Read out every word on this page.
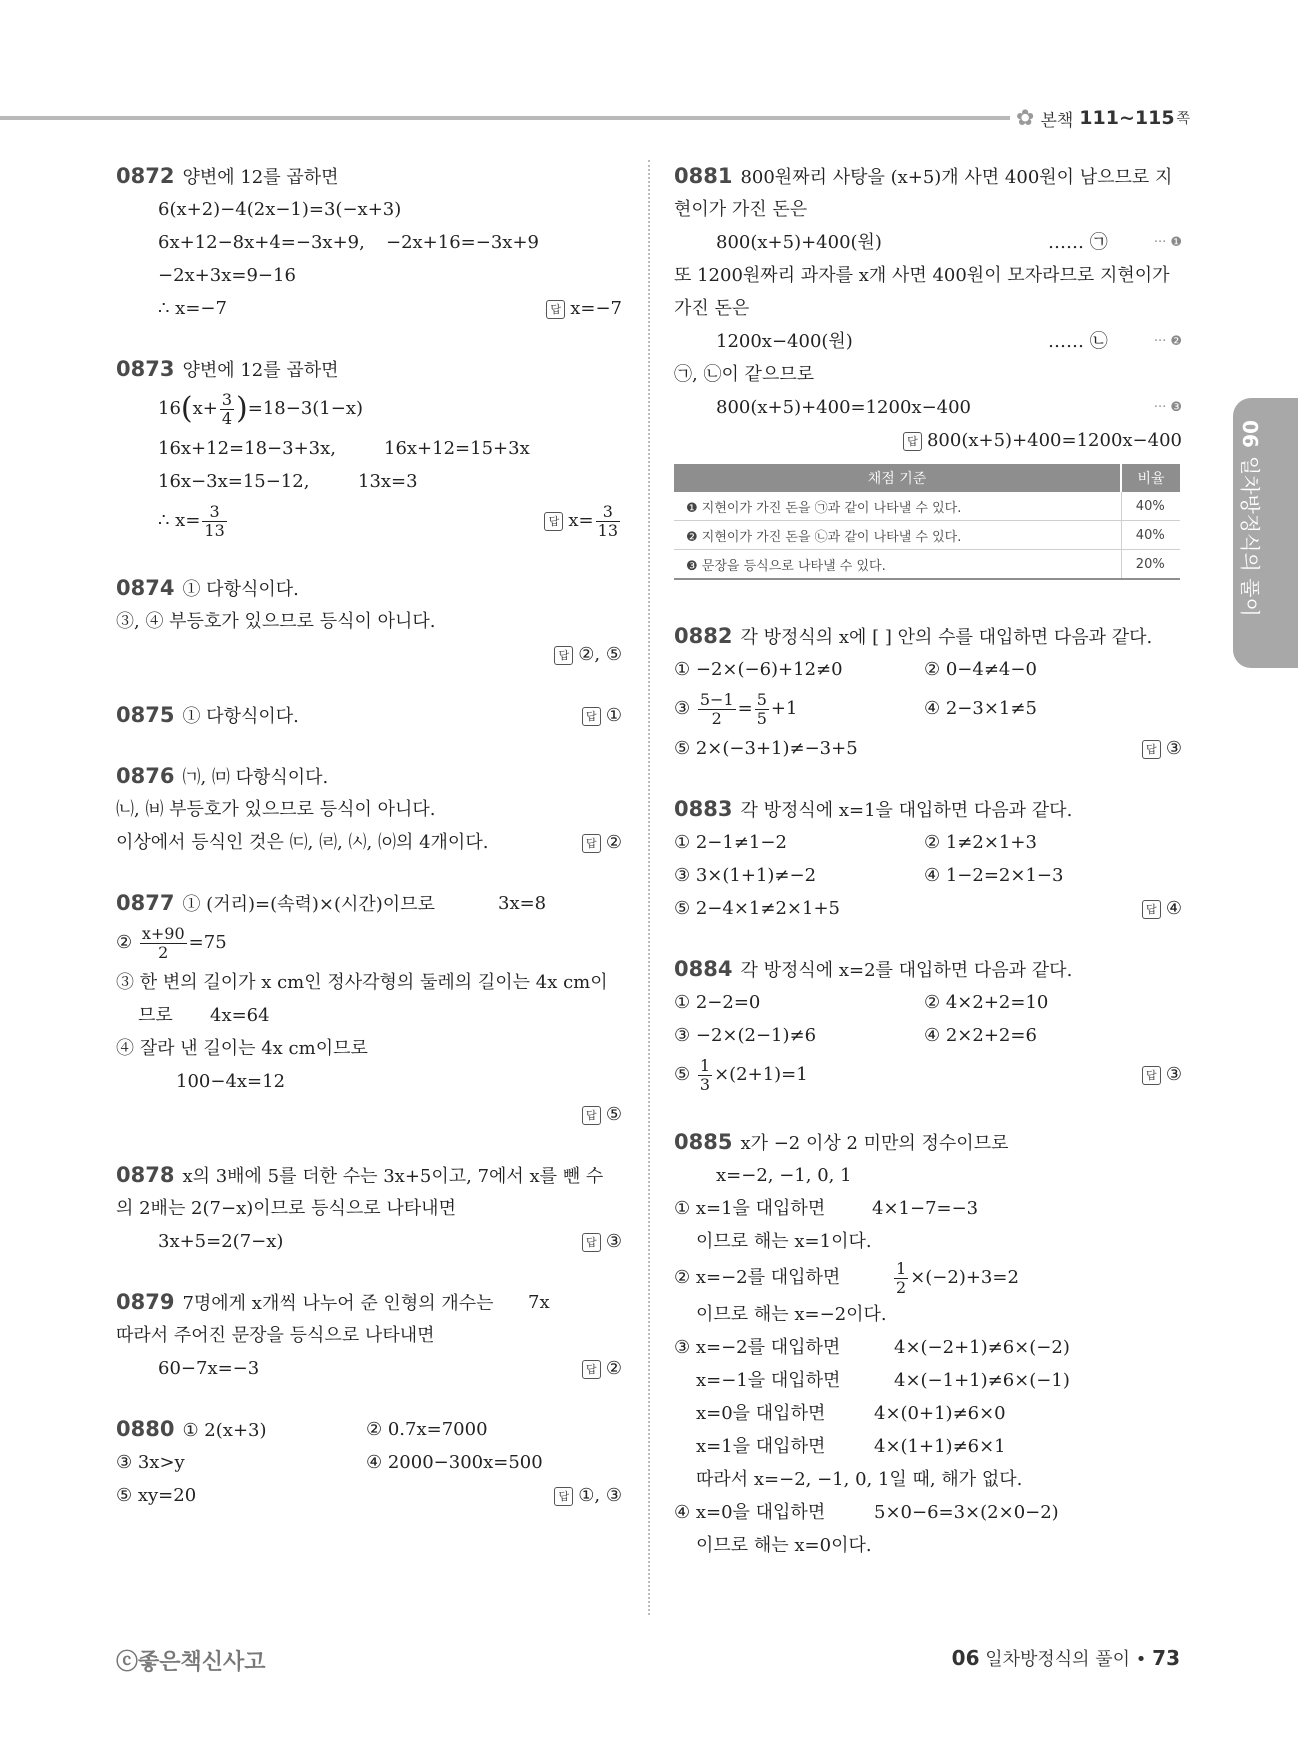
✿ 본책 111~115 쪽
0872 양변에 12를 곱하면
6(x+2)−4(2x−1)=3(−x+3)
6x+12−8x+4=−3x+9, −2x+16=−3x+9
−2x+3x=9−16
∴ x=−7	답 x=−7
0873 양변에 12를 곱하면
$16(x+ \frac{3}{4} )=18-3(1-x)$
16x+12=18−3+3x,	16x+12=15+3x
16x−3x=15−12,	13x=3
∴ $x= \frac{3}{13}$	답 $x= \frac{3}{13}$
0874 ① 다항식이다.
③, ④ 부등호가 있으므로 등식이 아니다.
답 ②, ⑤
0875 ① 다항식이다.	답 ①
0876 ㈀, ㈄ 다항식이다.
㈁, ㈅ 부등호가 있으므로 등식이 아니다.
이상에서 등식인 것은 ㈂, ㈃, ㈆, ㈇의 4개이다.	답 ②
0877 ① (거리)=(속력)×(시간)이므로	3x=8
② $\frac{x+90}{2} =75$
③ 한 변의 길이가 x cm인 정사각형의 둘레의 길이는 4x cm이
므로 4x=64
④ 잘라 낸 길이는 4x cm이므로
100−4x=12
답 ⑤
0878 x의 3배에 5를 더한 수는 3x+5이고, 7에서 x를 뺀 수
의 2배는 2(7−x)이므로 등식으로 나타내면
3x+5=2(7−x)	답 ③
0879 7명에게 x개씩 나누어 준 인형의 개수는 7x
따라서 주어진 문장을 등식으로 나타내면
60−7x=−3	답 ②
0880 ① 2(x+3)	② 0.7x=7000
③ 3x>y	④ 2000−300x=500
⑤ xy=20	답 ①, ③
0881 800원짜리 사탕을 (x+5)개 사면 400원이 남으므로 지
현이가 가진 돈은
800(x+5)+400(원)	…… ㉠	··· ❶
또 1200원짜리 과자를 x개 사면 400원이 모자라므로 지현이가
가진 돈은
1200x−400(원)	…… ㉡	··· ❷
㉠, ㉡이 같으므로
800(x+5)+400=1200x−400	··· ❸
답 800(x+5)+400=1200x−400
채점 기준	비율
❶ 지현이가 가진 돈을 ㉠과 같이 나타낼 수 있다.	40%
❷ 지현이가 가진 돈을 ㉡과 같이 나타낼 수 있다.	40%
❸ 문장을 등식으로 나타낼 수 있다.	20%
0882 각 방정식의 x에 [ ] 안의 수를 대입하면 다음과 같다.
① −2×(−6)+12≠0	② 0−4≠4−0
③ $\frac{5-1}{2} = \frac{5}{5} +1$	④ 2−3×1≠5
⑤ 2×(−3+1)≠−3+5	답 ③
0883 각 방정식에 x=1을 대입하면 다음과 같다.
① 2−1≠1−2	② 1≠2×1+3
③ 3×(1+1)≠−2	④ 1−2=2×1−3
⑤ 2−4×1≠2×1+5	답 ④
0884 각 방정식에 x=2를 대입하면 다음과 같다.
① 2−2=0	② 4×2+2=10
③ −2×(2−1)≠6	④ 2×2+2=6
⑤ $\frac{1}{3} \times(2+1)=1$	답 ③
0885 x가 −2 이상 2 미만의 정수이므로
x=−2, −1, 0, 1
① x=1을 대입하면	4×1−7=−3
이므로 해는 x=1이다.
② x=−2를 대입하면	$\frac{1}{2} \times(-2)+3=2$
이므로 해는 x=−2이다.
③ x=−2를 대입하면	4×(−2+1)≠6×(−2)
x=−1을 대입하면	4×(−1+1)≠6×(−1)
x=0을 대입하면	4×(0+1)≠6×0
x=1을 대입하면	4×(1+1)≠6×1
따라서 x=−2, −1, 0, 1일 때, 해가 없다.
④ x=0을 대입하면	5×0−6=3×(2×0−2)
이므로 해는 x=0이다.
06일차방정식의 풀이
ⓒ좋은책신사고	06 일차방정식의 풀이 • 73
